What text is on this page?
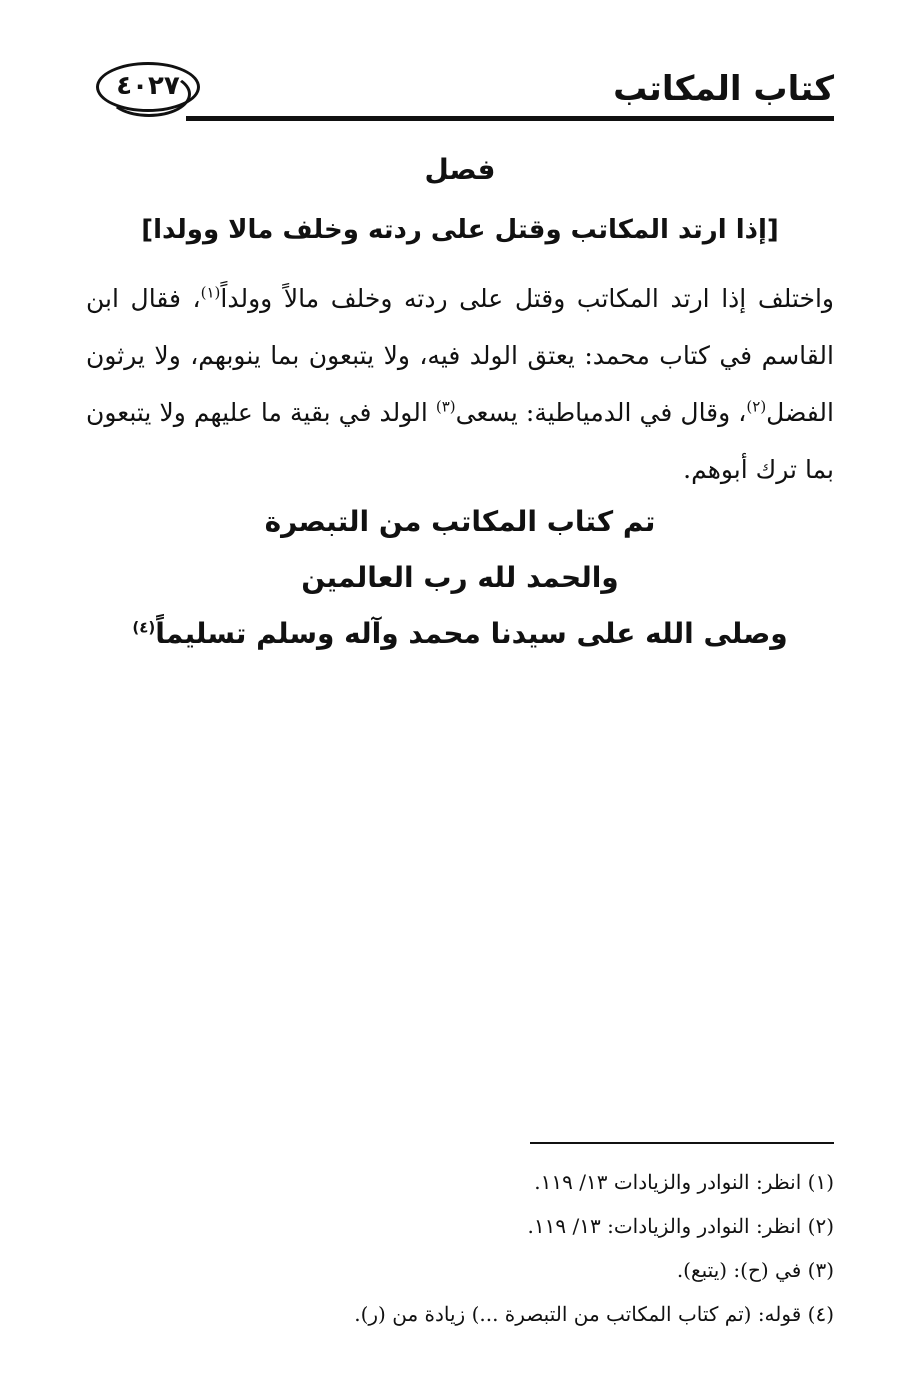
كتاب المكاتب
٤٠٢٧
فصل
[إذا ارتد المكاتب وقتل على ردته وخلف مالا وولدا]
واختلف إذا ارتد المكاتب وقتل على ردته وخلف مالاً وولداً$^{(١)}$، فقال ابن القاسم في كتاب محمد: يعتق الولد فيه، ولا يتبعون بما ينوبهم، ولا يرثون الفضل$^{(٢)}$، وقال في الدمياطية: يسعى$^{(٣)}$ الولد في بقية ما عليهم ولا يتبعون بما ترك أبوهم.
تم كتاب المكاتب من التبصرة
والحمد لله رب العالمين
وصلى الله على سيدنا محمد وآله وسلم تسليماً$^{(٤)}$
(١) انظر: النوادر والزيادات ١٣/ ١١٩.
(٢) انظر: النوادر والزيادات: ١٣/ ١١٩.
(٣) في (ح): (يتبع).
(٤) قوله: (تم كتاب المكاتب من التبصرة ...) زيادة من (ر).
